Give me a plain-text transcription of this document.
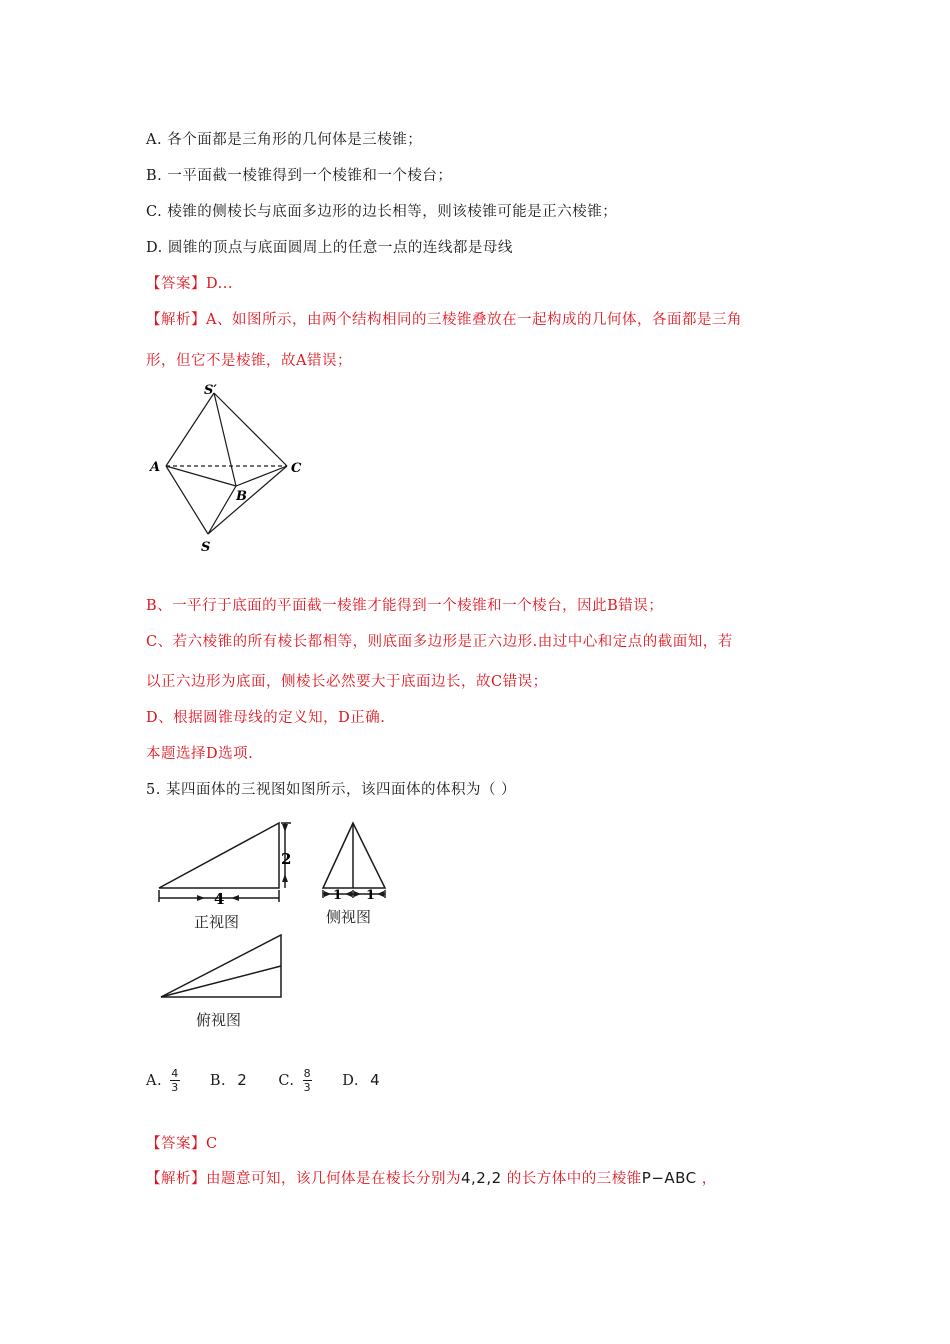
A. 各个面都是三角形的几何体是三棱锥；
B. 一平面截一棱锥得到一个棱锥和一个棱台；
C. 棱锥的侧棱长与底面多边形的边长相等，则该棱锥可能是正六棱锥；
D. 圆锥的顶点与底面圆周上的任意一点的连线都是母线
【答案】D...
【解析】A、如图所示，由两个结构相同的三棱锥叠放在一起构成的几何体，各面都是三角
形，但它不是棱锥，故A错误；
S′
A	C
B
S
B、一平行于底面的平面截一棱锥才能得到一个棱锥和一个棱台，因此B错误；
C、若六棱锥的所有棱长都相等，则底面多边形是正六边形.由过中心和定点的截面知，若
以正六边形为底面，侧棱长必然要大于底面边长，故C错误；
D、根据圆锥母线的定义知，D正确.
本题选择D选项.
5. 某四面体的三视图如图所示，该四面体的体积为（ ）
4
2
正视图
1 1
侧视图
俯视图
A. $\frac{4}{3} B$. 2 C. $\frac{8}{3} D$. 4
【答案】C
【解析】由题意可知，该几何体是在棱长分别为4,2,2 的长方体中的三棱锥P−ABC ，
